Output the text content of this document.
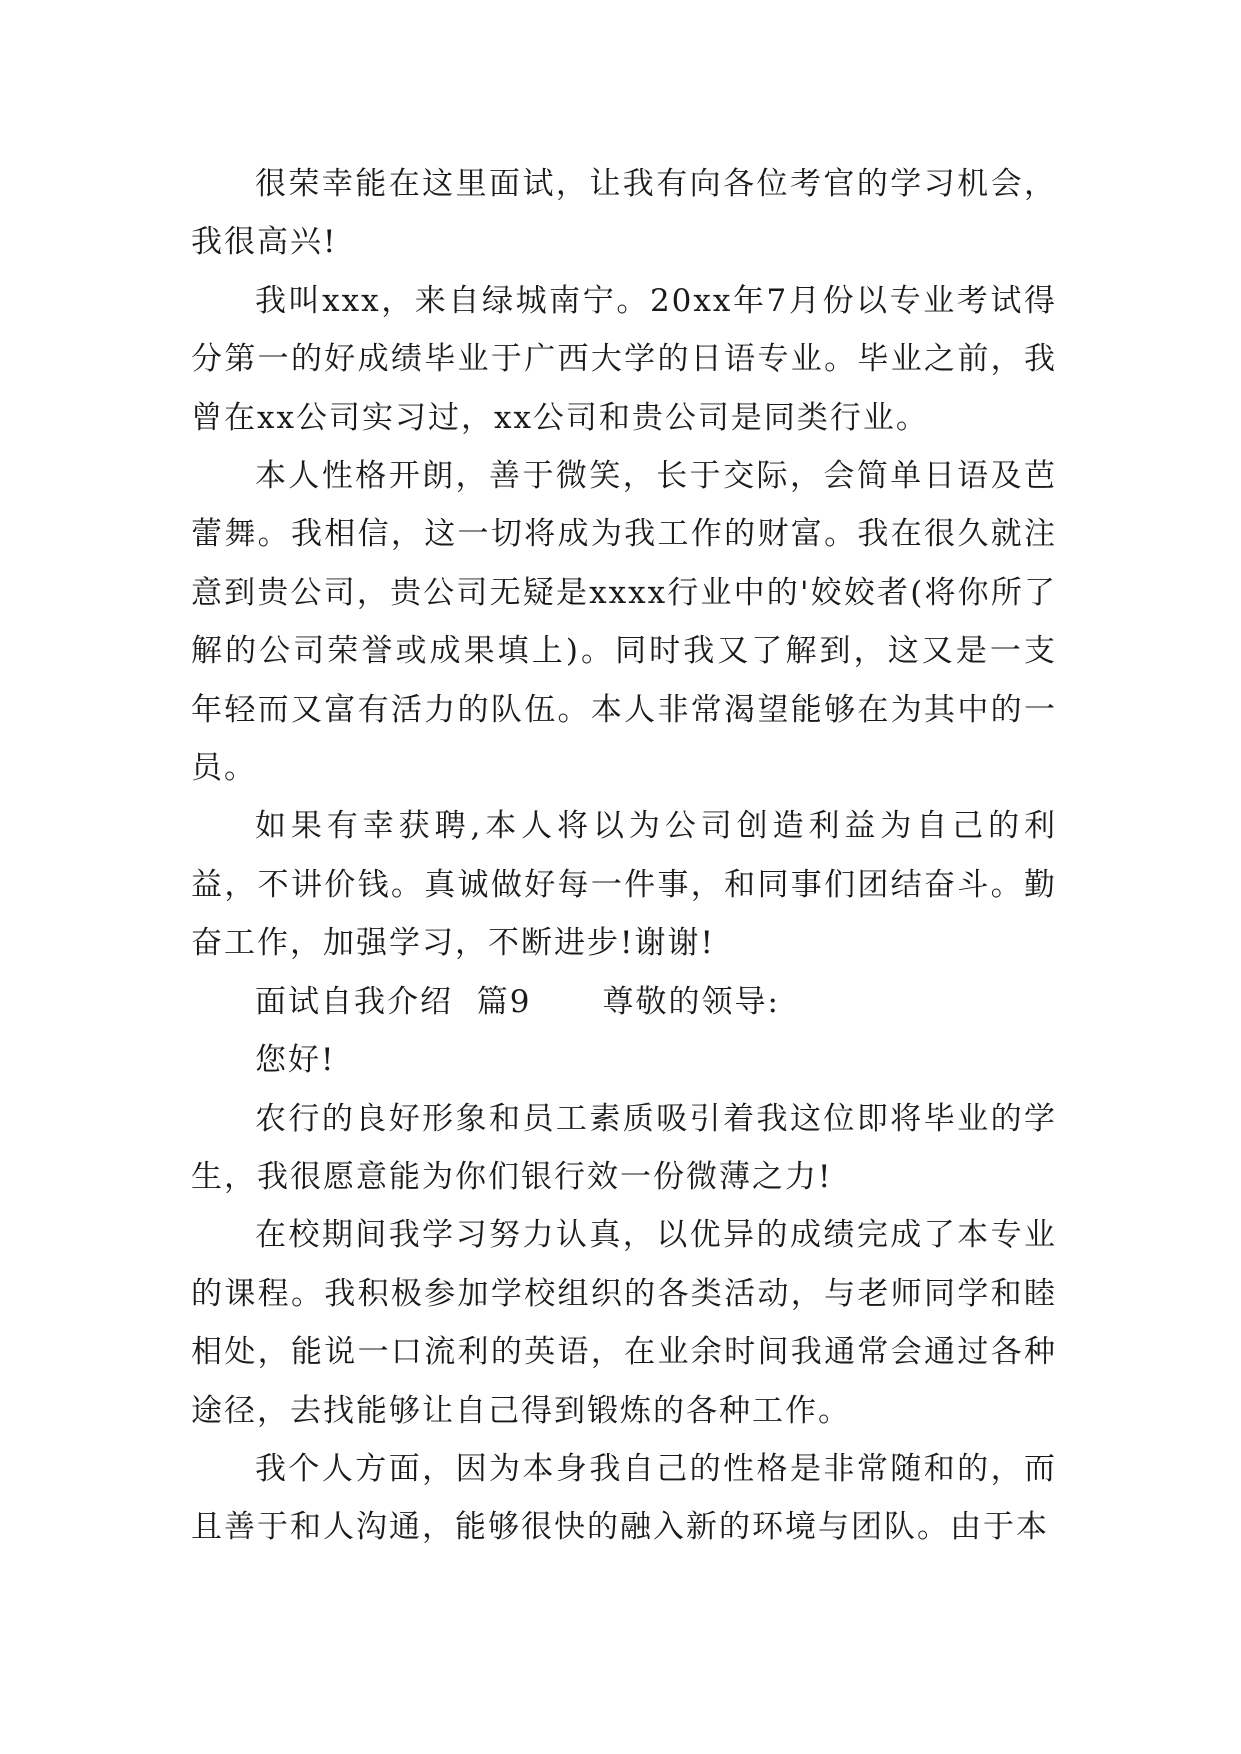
很荣幸能在这里面试，让我有向各位考官的学习机会，我很高兴!

我叫xxx，来自绿城南宁。20xx年7月份以专业考试得分第一的好成绩毕业于广西大学的日语专业。毕业之前，我曾在xx公司实习过，xx公司和贵公司是同类行业。

本人性格开朗，善于微笑，长于交际，会简单日语及芭蕾舞。我相信，这一切将成为我工作的财富。我在很久就注意到贵公司，贵公司无疑是xxxx行业中的'姣姣者(将你所了解的公司荣誉或成果填上)。同时我又了解到，这又是一支年轻而又富有活力的队伍。本人非常渴望能够在为其中的一员。

如果有幸获聘,本人将以为公司创造利益为自己的利益，不讲价钱。真诚做好每一件事，和同事们团结奋斗。勤奋工作，加强学习，不断进步!谢谢!

面试自我介绍  篇9      尊敬的领导:

您好!

农行的良好形象和员工素质吸引着我这位即将毕业的学生，我很愿意能为你们银行效一份微薄之力!

在校期间我学习努力认真，以优异的成绩完成了本专业的课程。我积极参加学校组织的各类活动，与老师同学和睦相处，能说一口流利的英语，在业余时间我通常会通过各种途径，去找能够让自己得到锻炼的各种工作。

我个人方面，因为本身我自己的性格是非常随和的，而且善于和人沟通，能够很快的融入新的环境与团队。由于本
